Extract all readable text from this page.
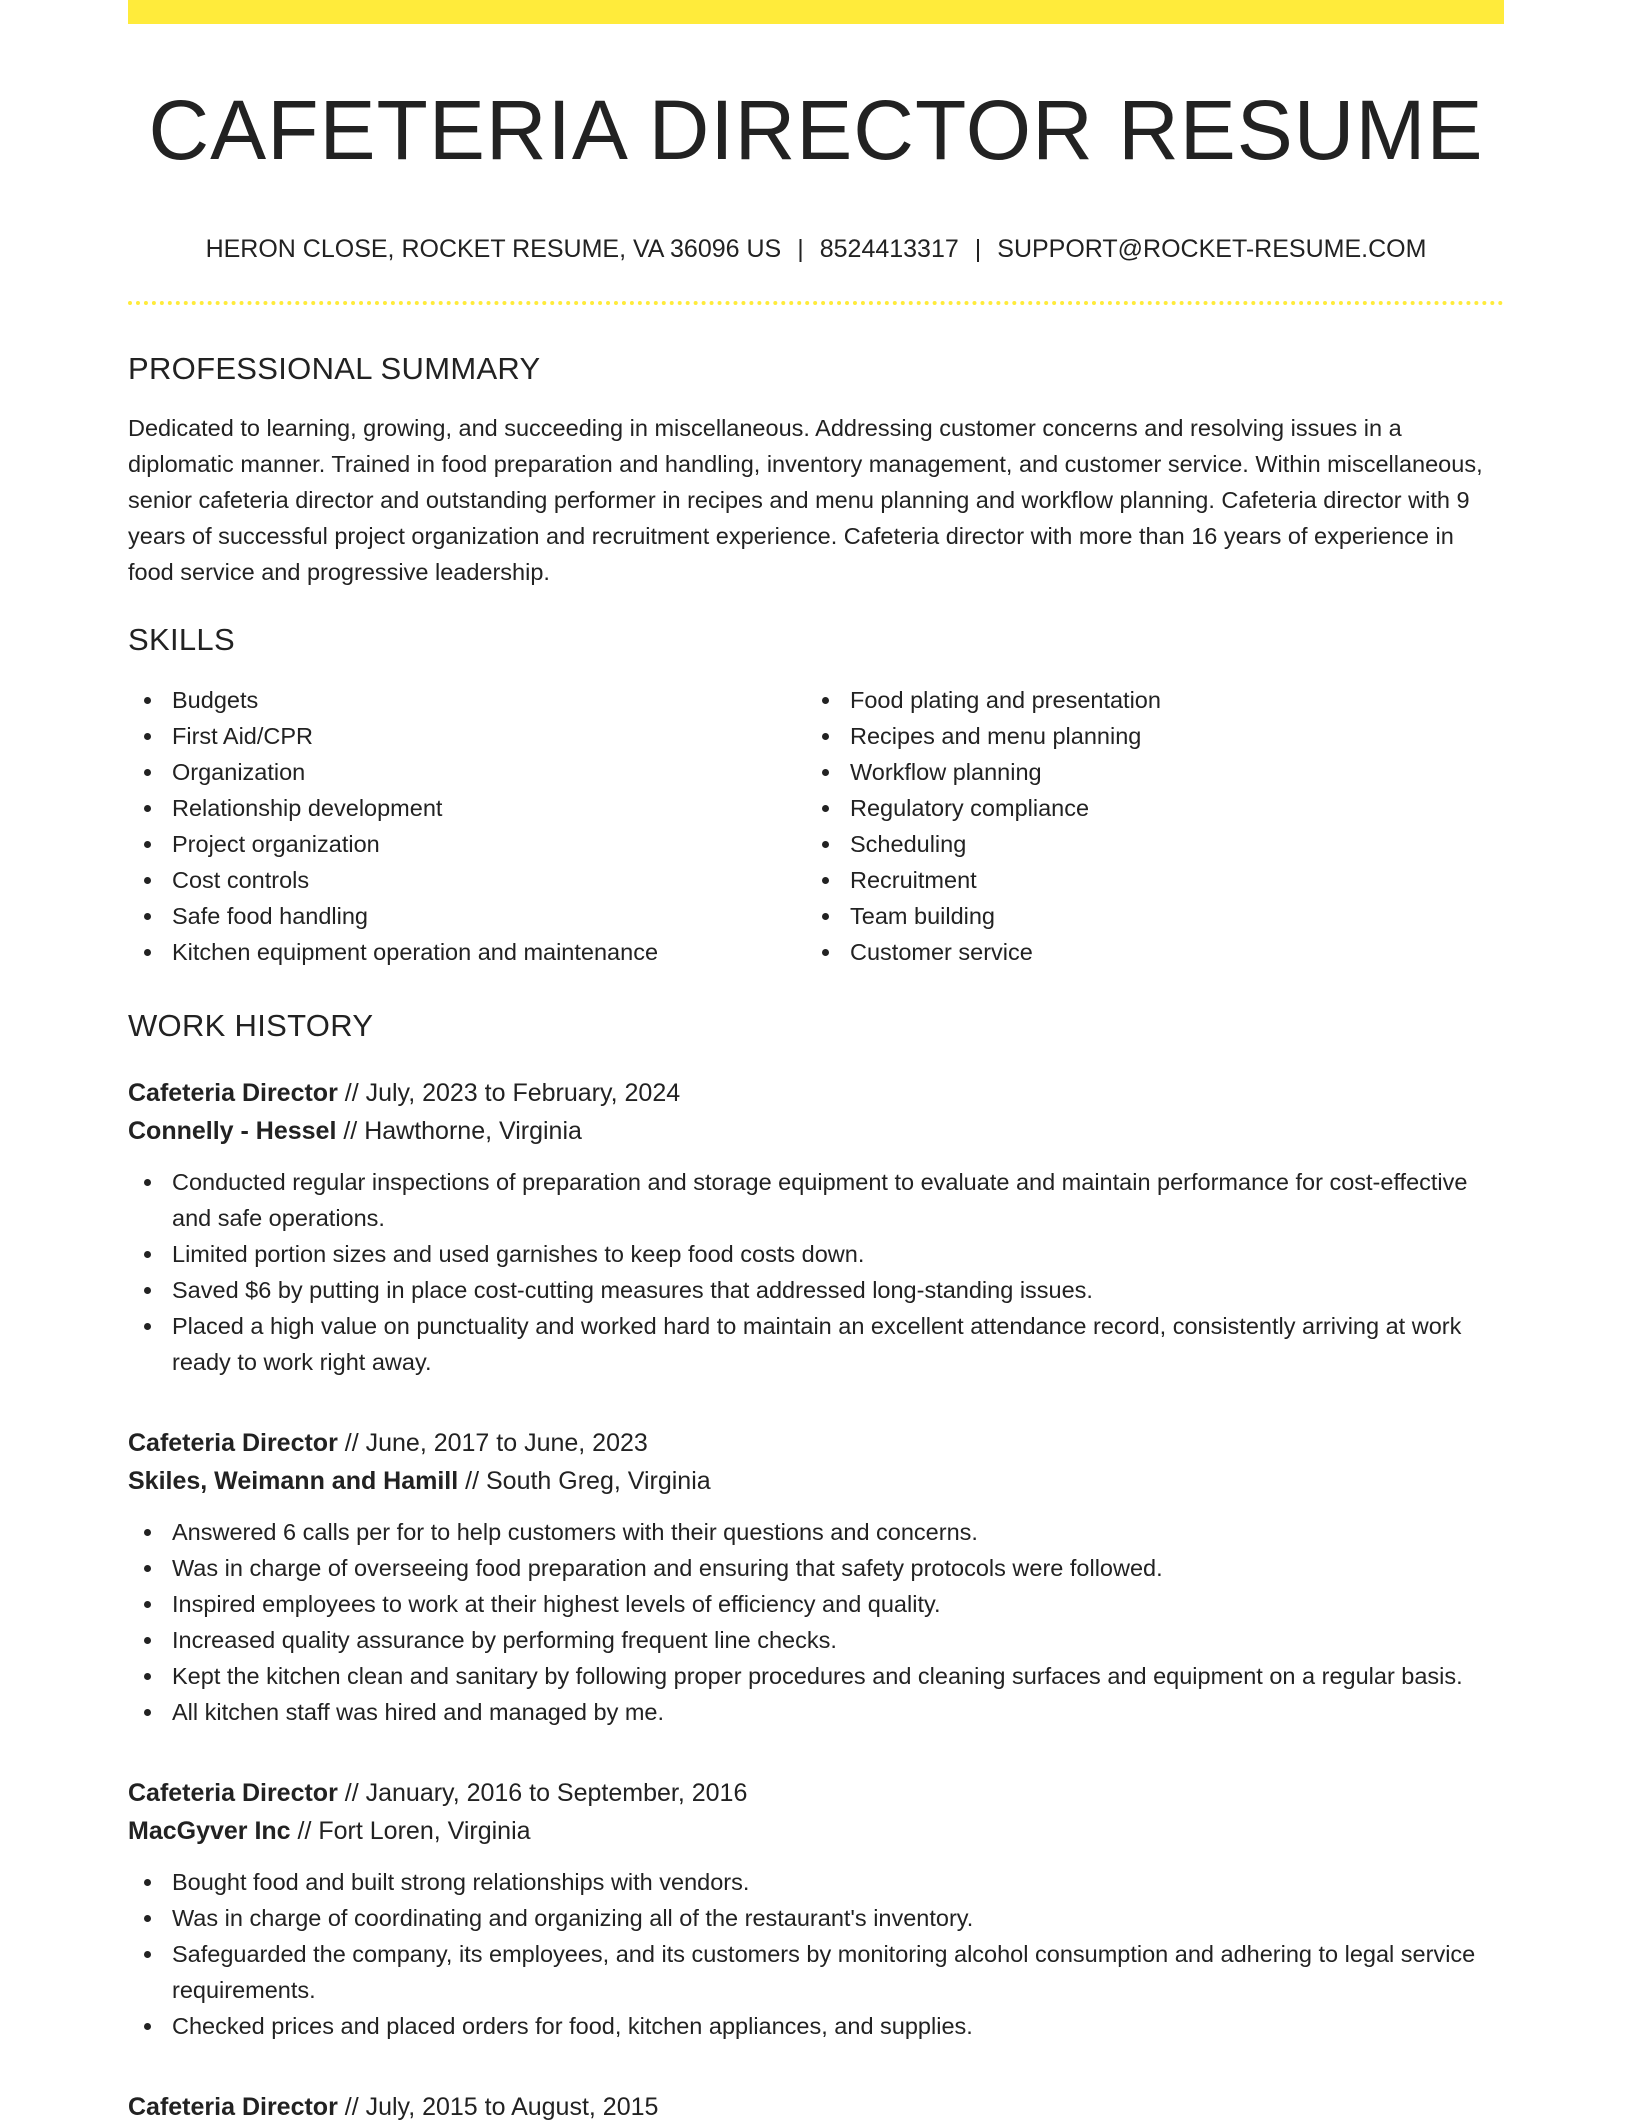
CAFETERIA DIRECTOR RESUME
HERON CLOSE, ROCKET RESUME, VA 36096 US | 8524413317 | SUPPORT@ROCKET-RESUME.COM
PROFESSIONAL SUMMARY

Dedicated to learning, growing, and succeeding in miscellaneous. Addressing customer concerns and resolving issues in a diplomatic manner. Trained in food preparation and handling, inventory management, and customer service. Within miscellaneous, senior cafeteria director and outstanding performer in recipes and menu planning and workflow planning. Cafeteria director with 9 years of successful project organization and recruitment experience. Cafeteria director with more than 16 years of experience in food service and progressive leadership.

SKILLS
Budgets
First Aid/CPR
Organization
Relationship development
Project organization
Cost controls
Safe food handling
Kitchen equipment operation and maintenance
Food plating and presentation
Recipes and menu planning
Workflow planning
Regulatory compliance
Scheduling
Recruitment
Team building
Customer service
WORK HISTORY
Cafeteria Director // July, 2023 to February, 2024
Connelly - Hessel // Hawthorne, Virginia
Conducted regular inspections of preparation and storage equipment to evaluate and maintain performance for cost-effective and safe operations.
Limited portion sizes and used garnishes to keep food costs down.
Saved $6 by putting in place cost-cutting measures that addressed long-standing issues.
Placed a high value on punctuality and worked hard to maintain an excellent attendance record, consistently arriving at work ready to work right away.
Cafeteria Director // June, 2017 to June, 2023
Skiles, Weimann and Hamill // South Greg, Virginia
Answered 6 calls per for to help customers with their questions and concerns.
Was in charge of overseeing food preparation and ensuring that safety protocols were followed.
Inspired employees to work at their highest levels of efficiency and quality.
Increased quality assurance by performing frequent line checks.
Kept the kitchen clean and sanitary by following proper procedures and cleaning surfaces and equipment on a regular basis.
All kitchen staff was hired and managed by me.
Cafeteria Director // January, 2016 to September, 2016
MacGyver Inc // Fort Loren, Virginia
Bought food and built strong relationships with vendors.
Was in charge of coordinating and organizing all of the restaurant's inventory.
Safeguarded the company, its employees, and its customers by monitoring alcohol consumption and adhering to legal service requirements.
Checked prices and placed orders for food, kitchen appliances, and supplies.
Cafeteria Director // July, 2015 to August, 2015
